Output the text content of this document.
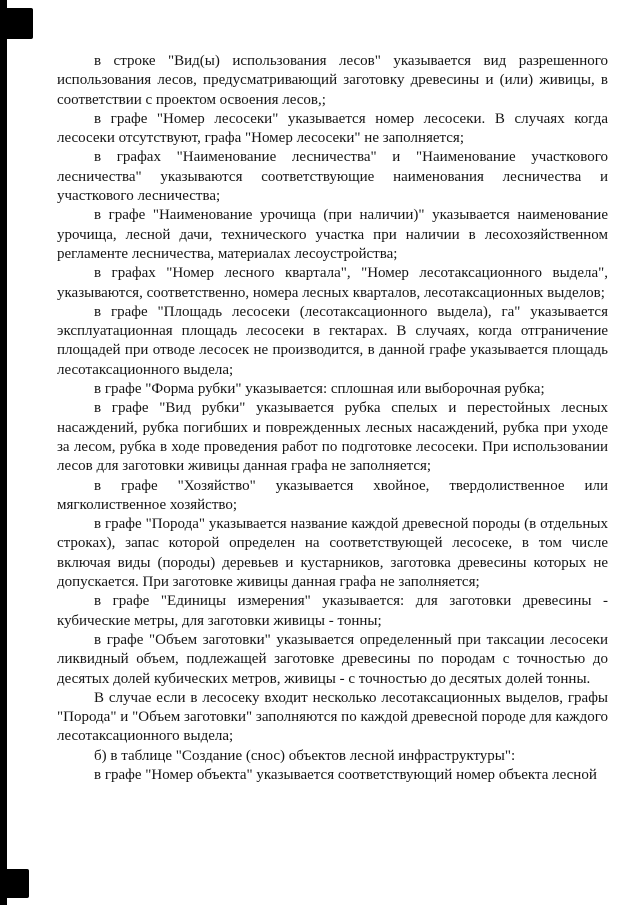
в строке "Вид(ы) использования лесов" указывается вид разрешенного использования лесов, предусматривающий заготовку древесины и (или) живицы, в соответствии с проектом освоения лесов,;

в графе "Номер лесосеки" указывается номер лесосеки. В случаях когда лесосеки отсутствуют, графа "Номер лесосеки" не заполняется;

в графах "Наименование лесничества" и "Наименование участкового лесничества" указываются соответствующие наименования лесничества и участкового лесничества;

в графе "Наименование урочища (при наличии)" указывается наименование урочища, лесной дачи, технического участка при наличии в лесохозяйственном регламенте лесничества, материалах лесоустройства;

в графах "Номер лесного квартала", "Номер лесотаксационного выдела", указываются, соответственно, номера лесных кварталов, лесотаксационных выделов;

в графе "Площадь лесосеки (лесотаксационного выдела), га" указывается эксплуатационная площадь лесосеки в гектарах. В случаях, когда отграничение площадей при отводе лесосек не производится, в данной графе указывается площадь лесотаксационного выдела;

в графе "Форма рубки" указывается: сплошная или выборочная рубка;

в графе "Вид рубки" указывается рубка спелых и перестойных лесных насаждений, рубка погибших и поврежденных лесных насаждений, рубка при уходе за лесом, рубка в ходе проведения работ по подготовке лесосеки. При использовании лесов для заготовки живицы данная графа не заполняется;

в графе "Хозяйство" указывается хвойное, твердолиственное или мягколиственное хозяйство;

в графе "Порода" указывается название каждой древесной породы (в отдельных строках), запас которой определен на соответствующей лесосеке, в том числе включая виды (породы) деревьев и кустарников, заготовка древесины которых не допускается. При заготовке живицы данная графа не заполняется;

в графе "Единицы измерения" указывается: для заготовки древесины - кубические метры, для заготовки живицы - тонны;

в графе "Объем заготовки" указывается определенный при таксации лесосеки ликвидный объем, подлежащей заготовке древесины по породам с точностью до десятых долей кубических метров, живицы - с точностью до десятых долей тонны.

В случае если в лесосеку входит несколько лесотаксационных выделов, графы "Порода" и "Объем заготовки" заполняются по каждой древесной породе для каждого лесотаксационного выдела;

б) в таблице "Создание (снос) объектов лесной инфраструктуры":

в графе "Номер объекта" указывается соответствующий номер объекта лесной
